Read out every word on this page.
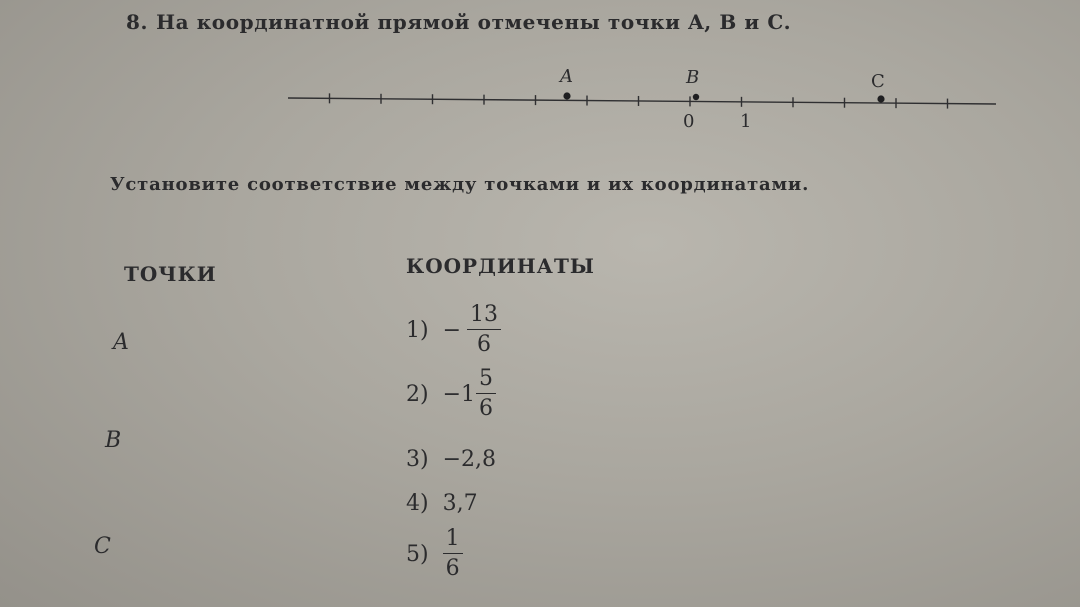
8. На координатной прямой отмечены точки A, B и C.
A	B	C
0	1
Установите соответствие между точками и их координатами.
ТОЧКИ	КООРДИНАТЫ
A
B
C
$1) - \frac{13}{6}$
$2) - 1 \frac{5}{6}$
3) −2,8
4) 3,7
$5) \frac{1}{6}$
